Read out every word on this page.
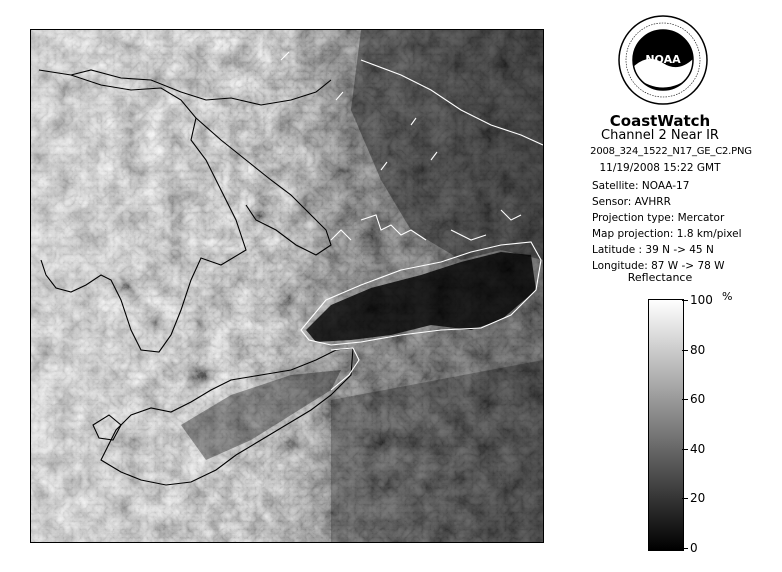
NOAA
CoastWatch
Channel 2 Near IR
2008_324_1522_N17_GE_C2.PNG
11/19/2008 15:22 GMT
Satellite: NOAA-17
Sensor: AVHRR
Projection type: Mercator
Map projection: 1.8 km/pixel
Latitude : 39 N -> 45 N
Longitude: 87 W -> 78 W
Reflectance
%
100
80
60
40
20
0
